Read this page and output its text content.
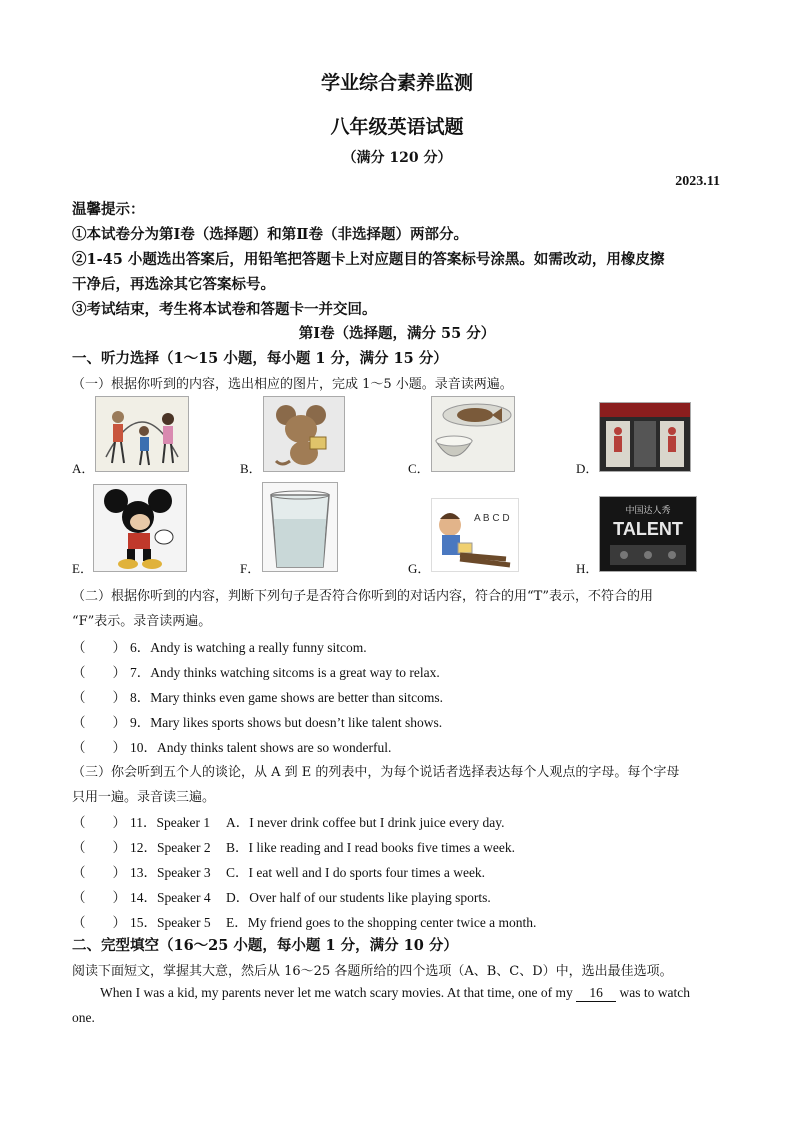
学业综合素养监测
八年级英语试题
（满分 120 分）
2023.11
温馨提示：
①本试卷分为第Ⅰ卷（选择题）和第Ⅱ卷（非选择题）两部分。
②1-45 小题选出答案后，用铅笔把答题卡上对应题目的答案标号涂黑。如需改动，用橡皮擦
干净后，再选涂其它答案标号。
③考试结束，考生将本试卷和答题卡一并交回。
第Ⅰ卷（选择题，满分 55 分）
一、听力选择（1～15 小题，每小题 1 分，满分 15 分）
（一）根据你听到的内容，选出相应的图片，完成 1～5 小题。录音读两遍。
A．	B．	C．	D．
E．	F．	G．
A B C D
H．
中国达人秀
TALENT
（二）根据你听到的内容，判断下列句子是否符合你听到的对话内容，符合的用“T”表示，不符合的用
“F”表示。录音读两遍。
（　　） 6．Andy is watching a really funny sitcom.
（　　） 7．Andy thinks watching sitcoms is a great way to relax.
（　　） 8．Mary thinks even game shows are better than sitcoms.
（　　） 9．Mary likes sports shows but doesn’t like talent shows.
（　　） 10．Andy thinks talent shows are so wonderful.
（三）你会听到五个人的谈论，从 A 到 E 的列表中，为每个说话者选择表达每个人观点的字母。每个字母
只用一遍。录音读三遍。
（　　） 11．Speaker 1 A．I never drink coffee but I drink juice every day.
（　　） 12．Speaker 2 B．I like reading and I read books five times a week.
（　　） 13．Speaker 3 C．I eat well and I do sports four times a week.
（　　） 14．Speaker 4 D．Over half of our students like playing sports.
（　　） 15．Speaker 5 E．My friend goes to the shopping center twice a month.
二、完型填空（16～25 小题，每小题 1 分，满分 10 分）
阅读下面短文，掌握其大意，然后从 16～25 各题所给的四个选项（A、B、C、D）中，选出最佳选项。
When I was a kid, my parents never let me watch scary movies. At that time, one of my 16 was to watch
one.
